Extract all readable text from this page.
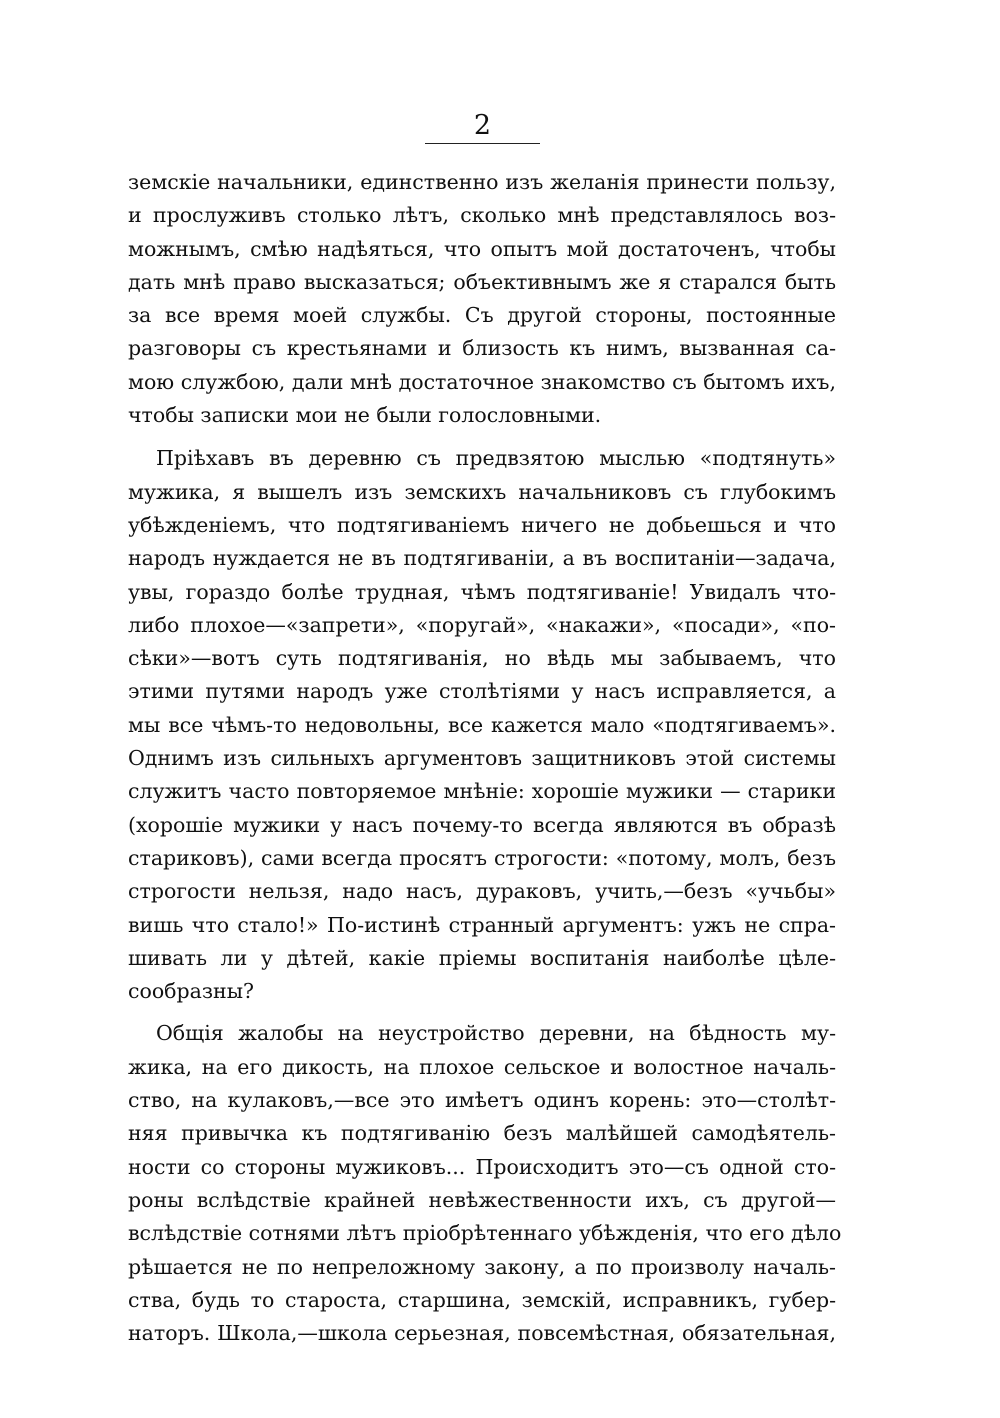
2
земскіе начальники, единственно изъ желанія принести пользу,
и прослуживъ столько лѣтъ, сколько мнѣ представлялось воз-
можнымъ, смѣю надѣяться, что опытъ мой достаточенъ, чтобы
дать мнѣ право высказаться; объективнымъ же я старался быть
за все время моей службы. Съ другой стороны, постоянные
разговоры съ крестьянами и близость къ нимъ, вызванная са-
мою службою, дали мнѣ достаточное знакомство съ бытомъ ихъ,
чтобы записки мои не были голословными.
Пріѣхавъ въ деревню съ предвзятою мыслью «подтянуть»
мужика, я вышелъ изъ земскихъ начальниковъ съ глубокимъ
убѣжденіемъ, что подтягиваніемъ ничего не добьешься и что
народъ нуждается не въ подтягиваніи, а въ воспитаніи—задача,
увы, гораздо болѣе трудная, чѣмъ подтягиваніе! Увидалъ что-
либо плохое—«запрети», «поругай», «накажи», «посади», «по-
сѣки»—вотъ суть подтягиванія, но вѣдь мы забываемъ, что
этими путями народъ уже столѣтіями у насъ исправляется, а
мы все чѣмъ-то недовольны, все кажется мало «подтягиваемъ».
Однимъ изъ сильныхъ аргументовъ защитниковъ этой системы
служитъ часто повторяемое мнѣніе: хорошіе мужики — старики
(хорошіе мужики у насъ почему-то всегда являются въ образѣ
стариковъ), сами всегда просятъ строгости: «потому, молъ, безъ
строгости нельзя, надо насъ, дураковъ, учить,—безъ «учьбы»
вишь что стало!» По-истинѣ странный аргументъ: ужъ не спра-
шивать ли у дѣтей, какіе пріемы воспитанія наиболѣе цѣле-
сообразны?
Общія жалобы на неустройство деревни, на бѣдность му-
жика, на его дикость, на плохое сельское и волостное началь-
ство, на кулаковъ,—все это имѣетъ одинъ корень: это—столѣт-
няя привычка къ подтягиванію безъ малѣйшей самодѣятель-
ности со стороны мужиковъ... Происходитъ это—съ одной сто-
роны вслѣдствіе крайней невѣжественности ихъ, съ другой—
вслѣдствіе сотнями лѣтъ пріобрѣтеннаго убѣжденія, что его дѣло
рѣшается не по непреложному закону, а по произволу началь-
ства, будь то староста, старшина, земскій, исправникъ, губер-
наторъ. Школа,—школа серьезная, повсемѣстная, обязательная,
